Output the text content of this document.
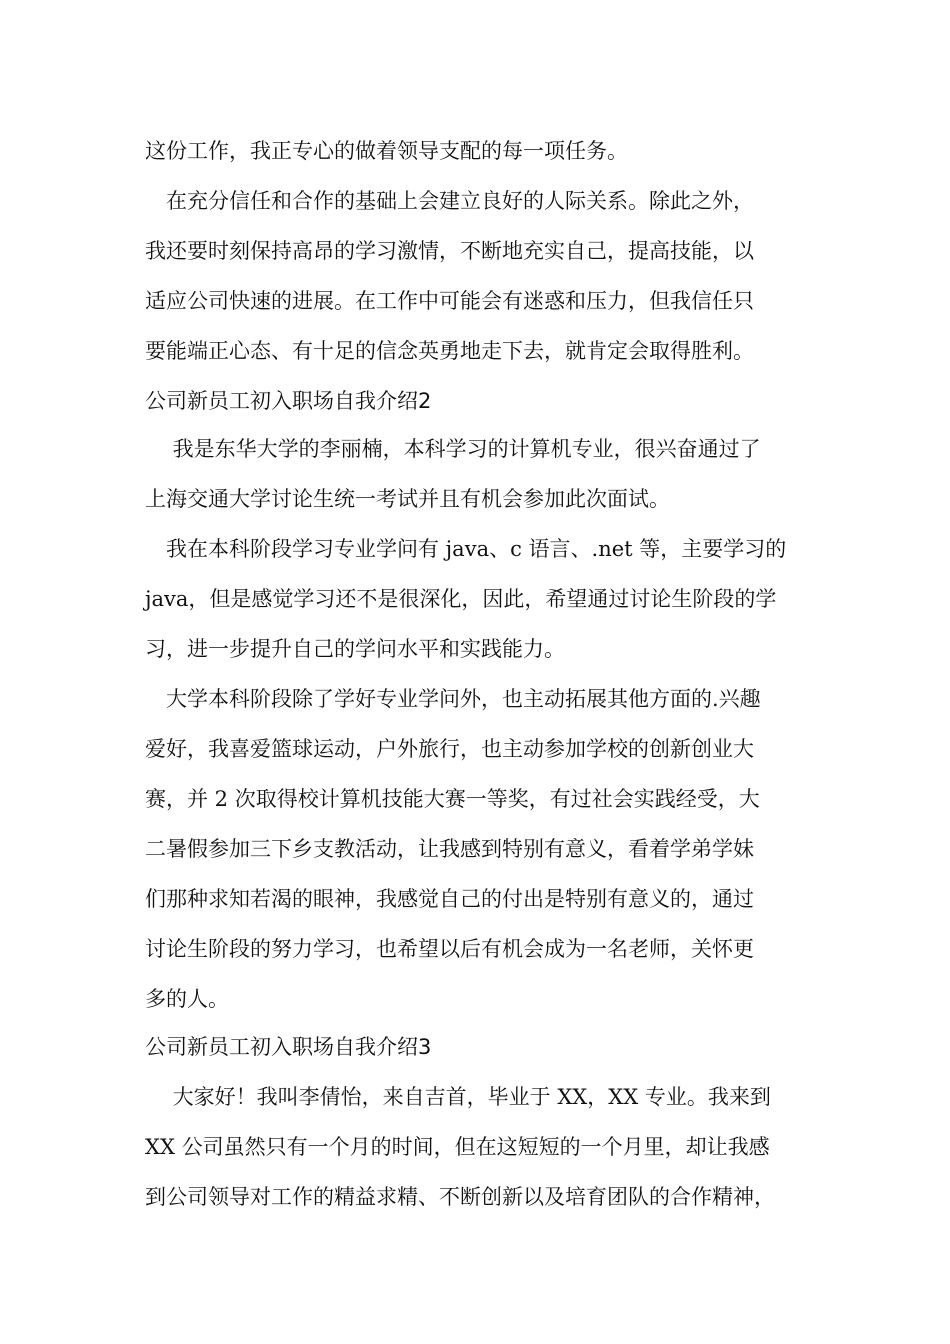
这份工作，我正专心的做着领导支配的每一项任务。
　在充分信任和合作的基础上会建立良好的人际关系。除此之外，
我还要时刻保持高昂的学习激情，不断地充实自己，提高技能，以
适应公司快速的进展。在工作中可能会有迷惑和压力，但我信任只
要能端正心态、有十足的信念英勇地走下去，就肯定会取得胜利。
公司新员工初入职场自我介绍2
　 我是东华大学的李丽楠，本科学习的计算机专业，很兴奋通过了
上海交通大学讨论生统一考试并且有机会参加此次面试。
　我在本科阶段学习专业学问有 java、c 语言、.net 等，主要学习的
java，但是感觉学习还不是很深化，因此，希望通过讨论生阶段的学
习，进一步提升自己的学问水平和实践能力。
　大学本科阶段除了学好专业学问外，也主动拓展其他方面的.兴趣
爱好，我喜爱篮球运动，户外旅行，也主动参加学校的创新创业大
赛，并 2 次取得校计算机技能大赛一等奖，有过社会实践经受，大
二暑假参加三下乡支教活动，让我感到特别有意义，看着学弟学妹
们那种求知若渴的眼神，我感觉自己的付出是特别有意义的，通过
讨论生阶段的努力学习，也希望以后有机会成为一名老师，关怀更
多的人。
公司新员工初入职场自我介绍3
　 大家好！我叫李倩怡，来自吉首，毕业于 XX，XX 专业。我来到
XX 公司虽然只有一个月的时间，但在这短短的一个月里，却让我感
到公司领导对工作的精益求精、不断创新以及培育团队的合作精神，
